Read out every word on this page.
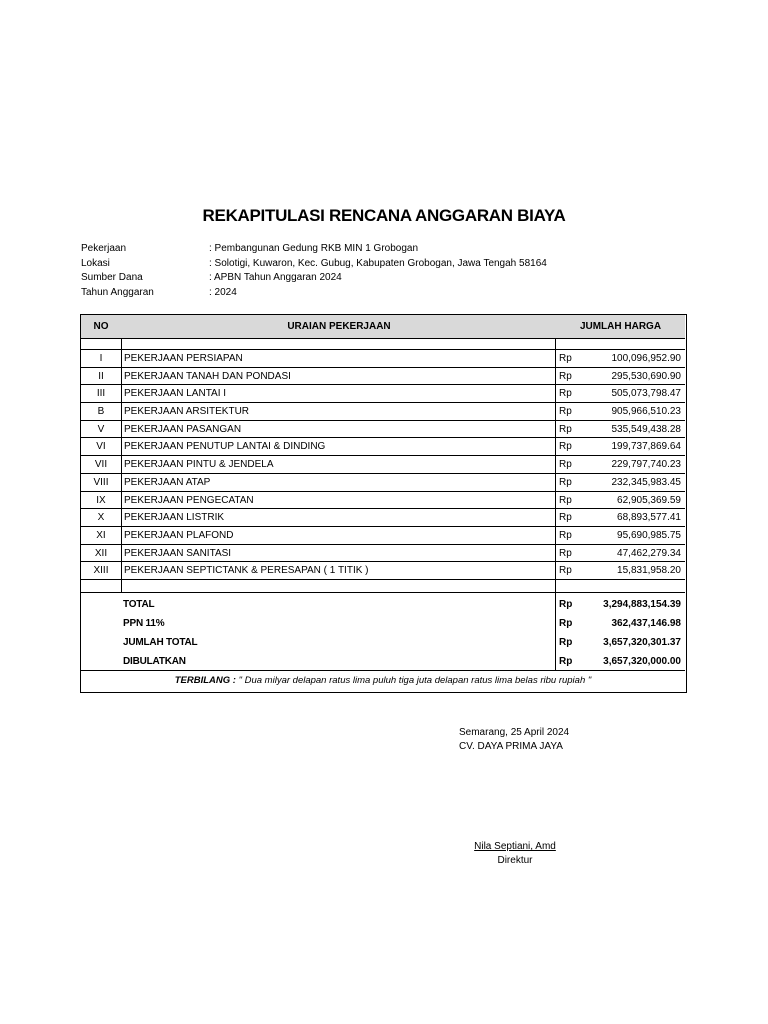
REKAPITULASI RENCANA ANGGARAN BIAYA
Pekerjaan	: Pembangunan Gedung RKB MIN 1 Grobogan
Lokasi	: Solotigi, Kuwaron, Kec. Gubug, Kabupaten Grobogan, Jawa Tengah 58164
Sumber Dana	: APBN Tahun Anggaran 2024
Tahun Anggaran	: 2024
NO	URAIAN PEKERJAAN	JUMLAH HARGA
I	PEKERJAAN PERSIAPAN	Rp	100,096,952.90
II	PEKERJAAN TANAH DAN PONDASI	Rp	295,530,690.90
III	PEKERJAAN LANTAI I	Rp	505,073,798.47
B	PEKERJAAN ARSITEKTUR	Rp	905,966,510.23
V	PEKERJAAN PASANGAN	Rp	535,549,438.28
VI	PEKERJAAN PENUTUP LANTAI & DINDING	Rp	199,737,869.64
VII	PEKERJAAN PINTU & JENDELA	Rp	229,797,740.23
VIII	PEKERJAAN ATAP	Rp	232,345,983.45
IX	PEKERJAAN PENGECATAN	Rp	62,905,369.59
X	PEKERJAAN LISTRIK	Rp	68,893,577.41
XI	PEKERJAAN PLAFOND	Rp	95,690,985.75
XII	PEKERJAAN SANITASI	Rp	47,462,279.34
XIII	PEKERJAAN SEPTICTANK & PERESAPAN ( 1 TITIK )	Rp	15,831,958.20
TOTAL	Rp	3,294,883,154.39
PPN 11%	Rp	362,437,146.98
JUMLAH TOTAL	Rp	3,657,320,301.37
DIBULATKAN	Rp	3,657,320,000.00
TERBILANG : " Dua milyar delapan ratus lima puluh tiga juta delapan ratus lima belas ribu rupiah "
Semarang, 25 April 2024
CV. DAYA PRIMA JAYA
Nila Septiani, Amd
Direktur
